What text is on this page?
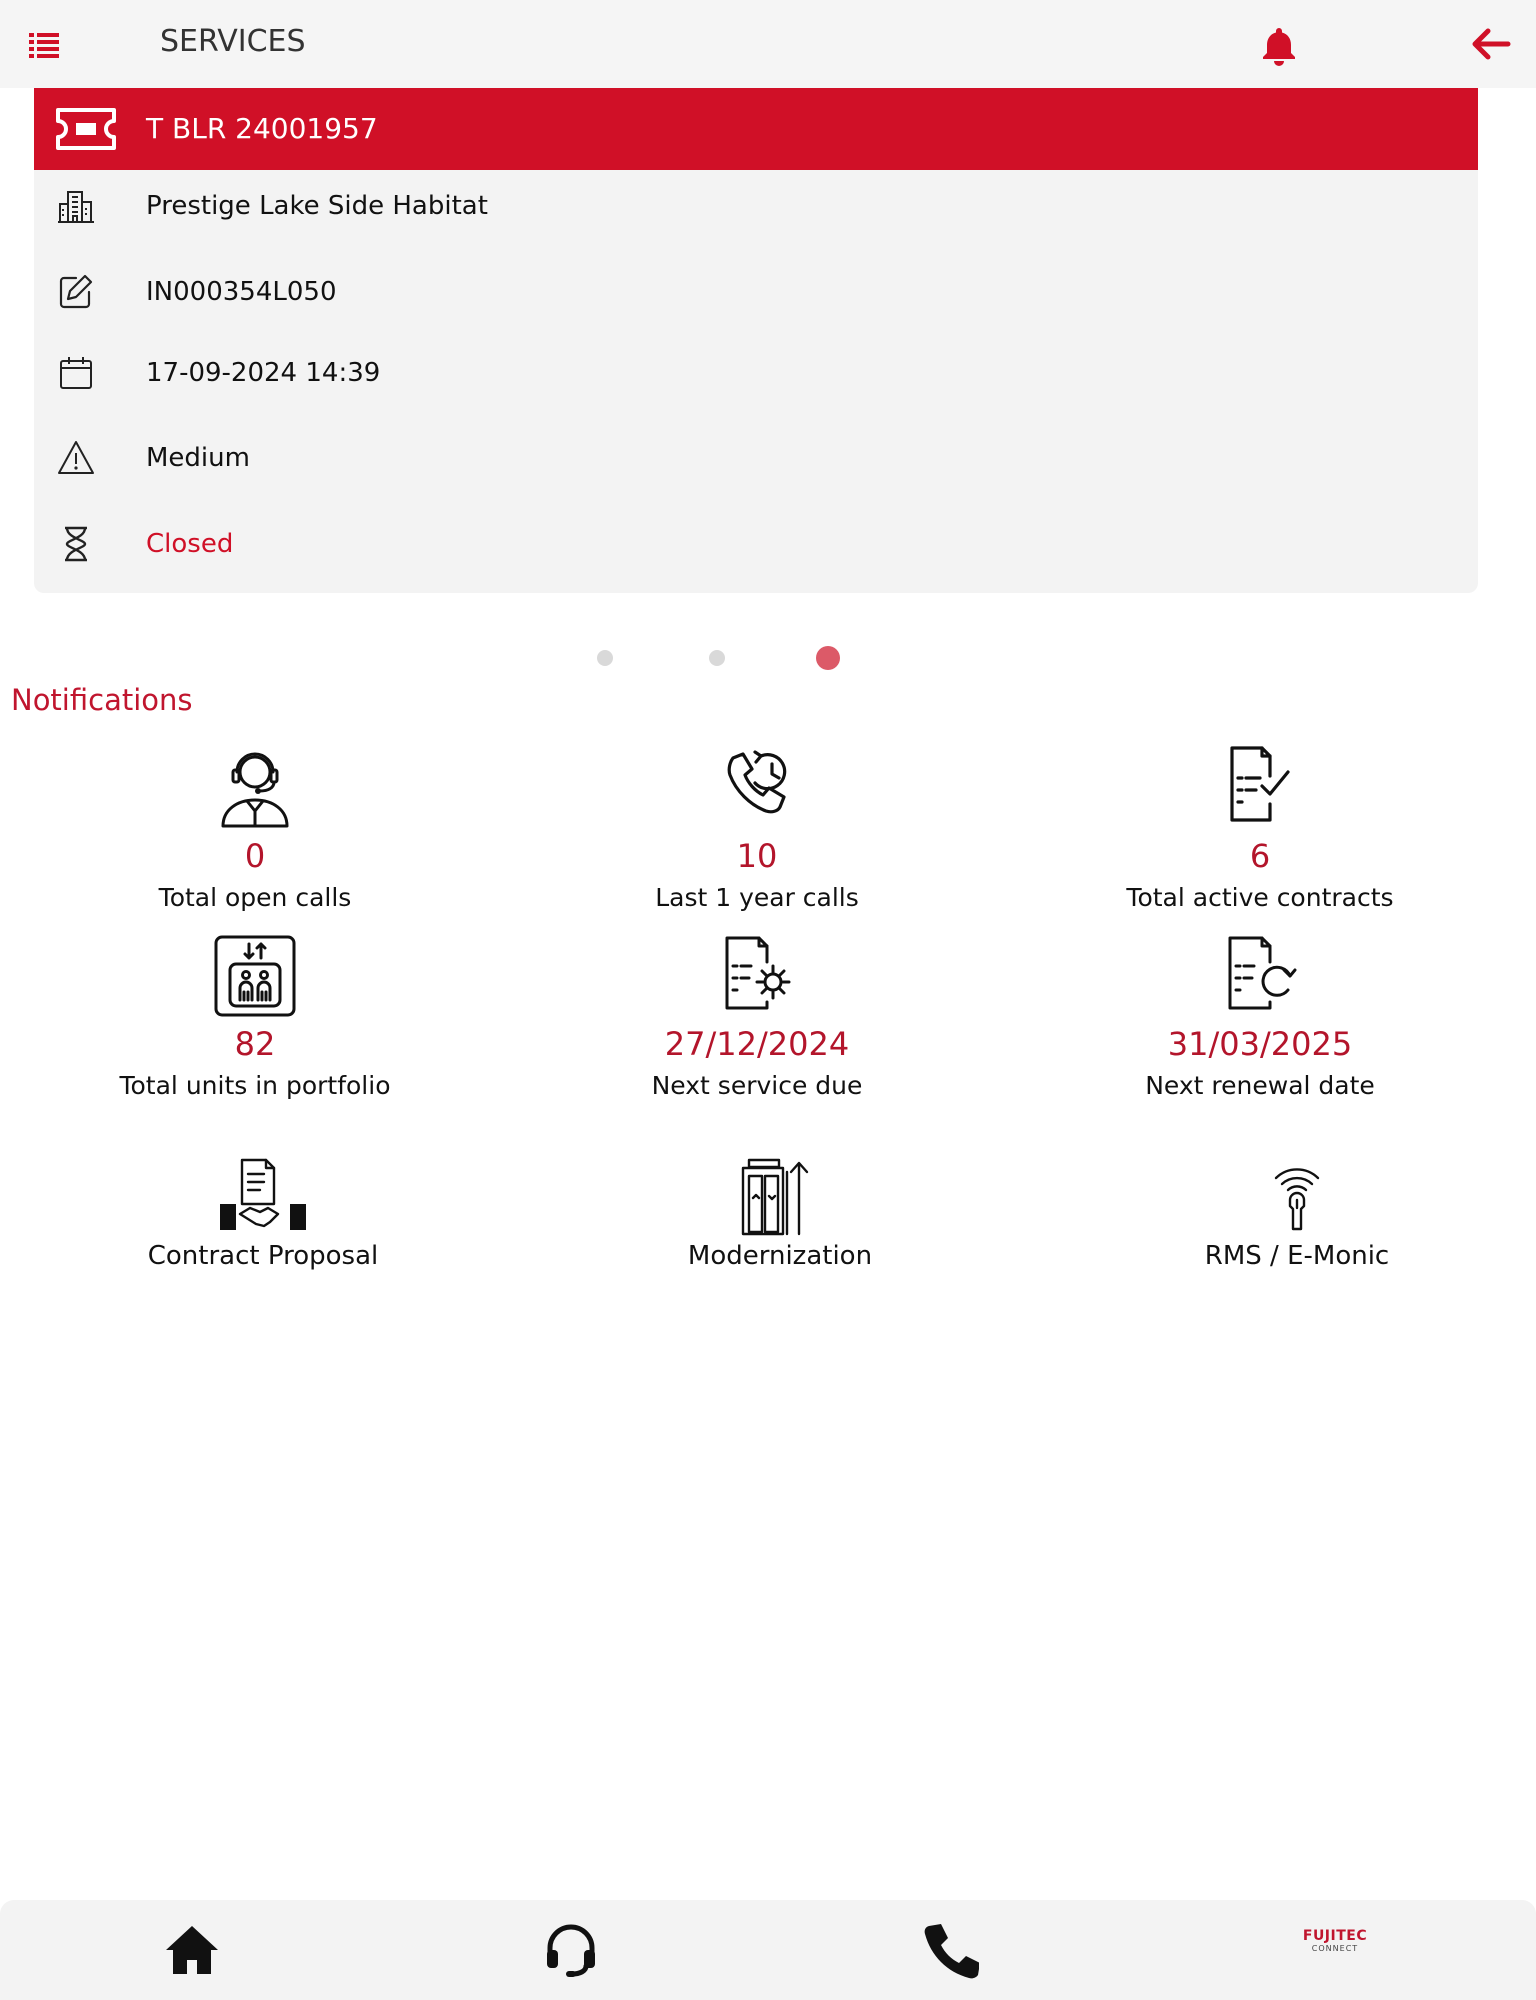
SERVICES
T BLR 24001957
Prestige Lake Side Habitat
IN000354L050
17-09-2024 14:39
Medium
Closed
Notifications
0
Total open calls
10
Last 1 year calls
6
Total active contracts
82
Total units in portfolio
27/12/2024
Next service due
31/03/2025
Next renewal date
Contract Proposal	Modernization	RMS / E-Monic
FUJITEC
CONNECT
